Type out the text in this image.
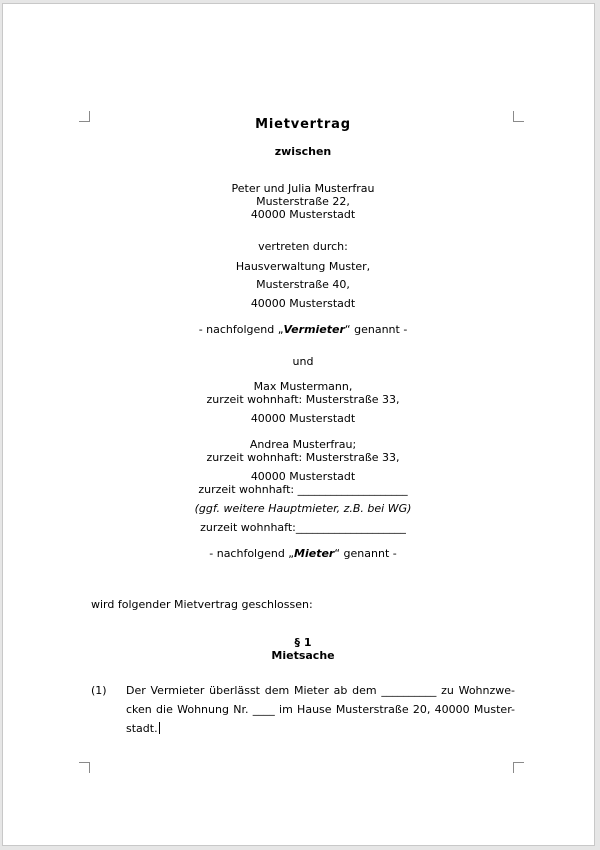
Mietvertrag
zwischen
Peter und Julia Musterfrau
Musterstraße 22,
40000 Musterstadt
vertreten durch:
Hausverwaltung Muster,
Musterstraße 40,
40000 Musterstadt
- nachfolgend „Vermieter“ genannt -
und
Max Mustermann,
zurzeit wohnhaft: Musterstraße 33,
40000 Musterstadt
Andrea Musterfrau;
zurzeit wohnhaft: Musterstraße 33,
40000 Musterstadt
zurzeit wohnhaft: ____________________
(ggf. weitere Hauptmieter, z.B. bei WG)
zurzeit wohnhaft:____________________
- nachfolgend „Mieter“ genannt -
wird folgender Mietvertrag geschlossen:
§ 1
Mietsache
(1) Der Vermieter überlässt dem Mieter ab dem __________ zu Wohnzwe-
cken die Wohnung Nr. ____ im Hause Musterstraße 20, 40000 Muster-
stadt.
